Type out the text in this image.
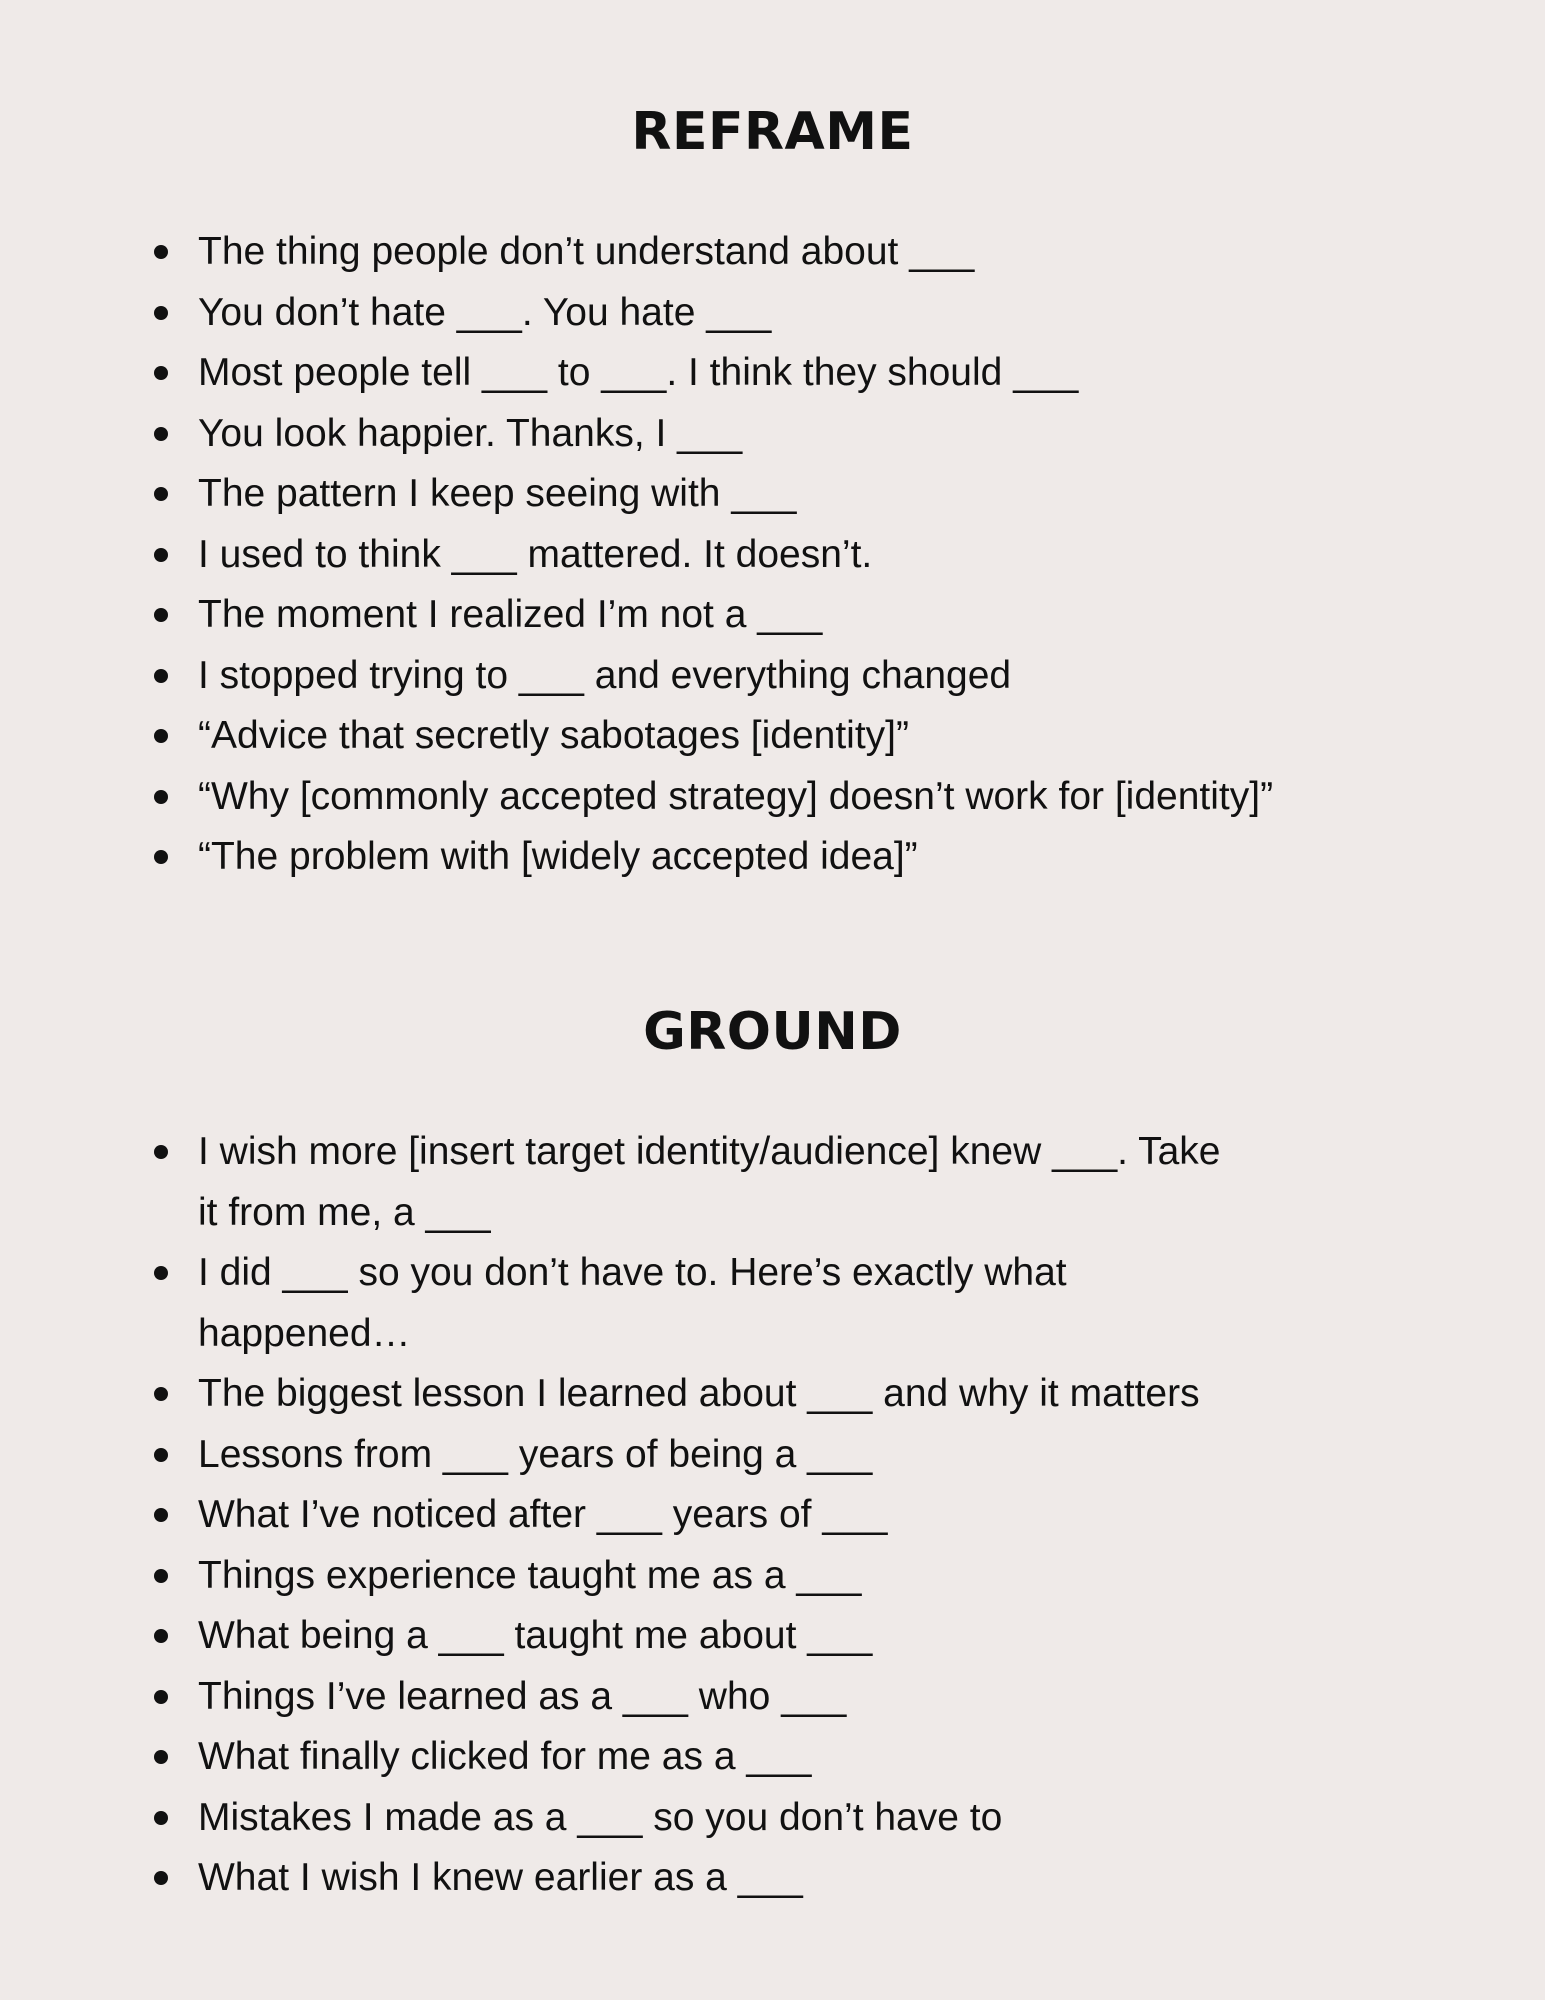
REFRAME
The thing people don’t understand about ___
You don’t hate ___. You hate ___
Most people tell ___ to ___. I think they should ___
You look happier. Thanks, I ___
The pattern I keep seeing with ___
I used to think ___ mattered. It doesn’t.
The moment I realized I’m not a ___
I stopped trying to ___ and everything changed
“Advice that secretly sabotages [identity]”
“Why [commonly accepted strategy] doesn’t work for [identity]”
“The problem with [widely accepted idea]”
GROUND
I wish more [insert target identity/audience] knew ___. Take it from me, a ___
I did ___ so you don’t have to. Here’s exactly what happened…
The biggest lesson I learned about ___ and why it matters
Lessons from ___ years of being a ___
What I’ve noticed after ___ years of ___
Things experience taught me as a ___
What being a ___ taught me about ___
Things I’ve learned as a ___ who ___
What finally clicked for me as a ___
Mistakes I made as a ___ so you don’t have to
What I wish I knew earlier as a ___
